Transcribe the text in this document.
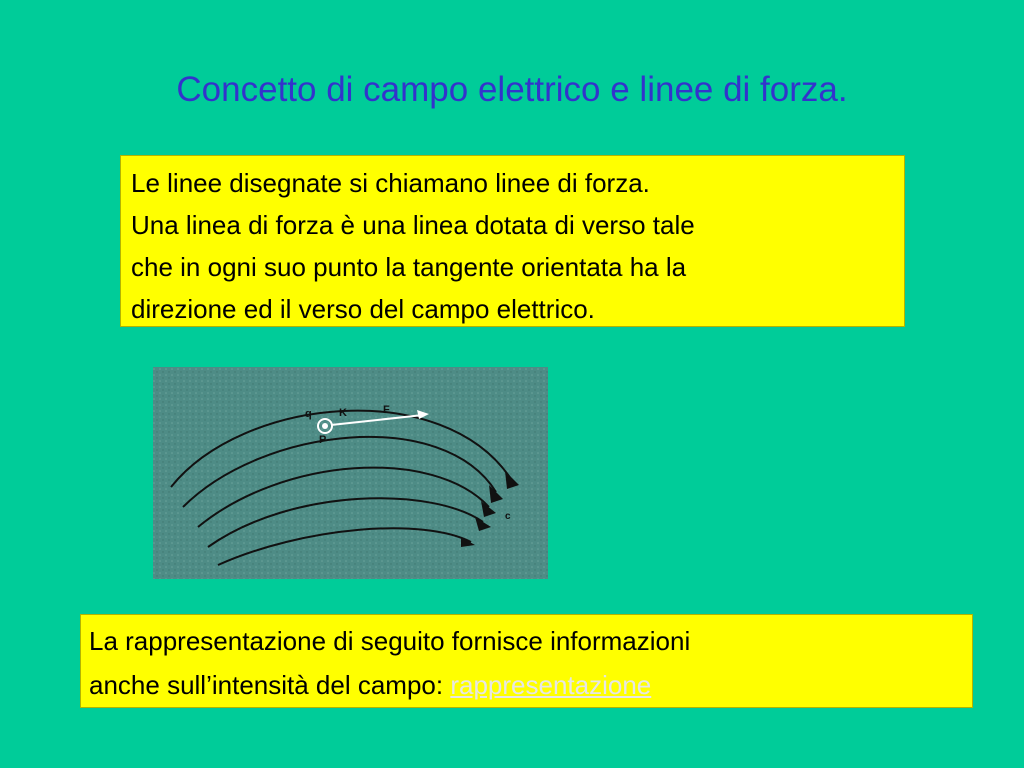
Concetto di campo elettrico e linee di forza.
Le linee disegnate si chiamano linee di forza.
Una linea di forza è una linea dotata di verso tale
che in ogni suo punto la tangente orientata ha la
direzione ed il verso del campo elettrico.
q K	F
P
c
La rappresentazione di seguito fornisce informazioni
anche sull’intensità del campo: rappresentazione
